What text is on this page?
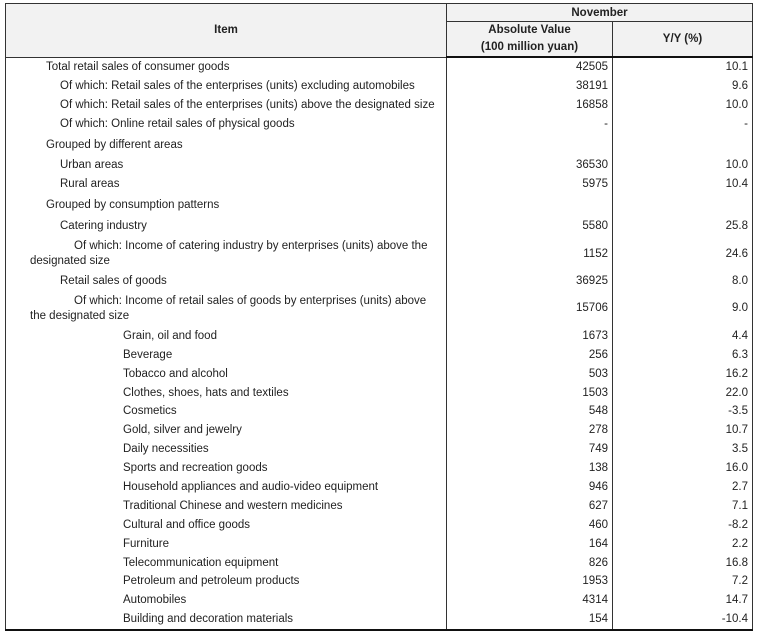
Item	November	
	Absolute Value
(100 million yuan)	Y/Y (%)
Total retail sales of consumer goods	42505	10.1
Of which: Retail sales of the enterprises (units) excluding automobiles	38191	9.6
Of which: Retail sales of the enterprises (units) above the designated size	16858	10.0
Of which: Online retail sales of physical goods	-	-
Grouped by different areas		
Urban areas	36530	10.0
Rural areas	5975	10.4
Grouped by consumption patterns		
Catering industry	5580	25.8

Of which: Income of catering industry by enterprises (units) above the designated size	1152	24.6
Retail sales of goods	36925	8.0

Of which: Income of retail sales of goods by enterprises (units) above the designated size	15706	9.0
Grain, oil and food	1673	4.4
Beverage	256	6.3
Tobacco and alcohol	503	16.2
Clothes, shoes, hats and textiles	1503	22.0
Cosmetics	548	-3.5
Gold, silver and jewelry	278	10.7
Daily necessities	749	3.5
Sports and recreation goods	138	16.0
Household appliances and audio-video equipment	946	2.7
Traditional Chinese and western medicines	627	7.1
Cultural and office goods	460	-8.2
Furniture	164	2.2
Telecommunication equipment	826	16.8
Petroleum and petroleum products	1953	7.2
Automobiles	4314	14.7
Building and decoration materials	154	-10.4
